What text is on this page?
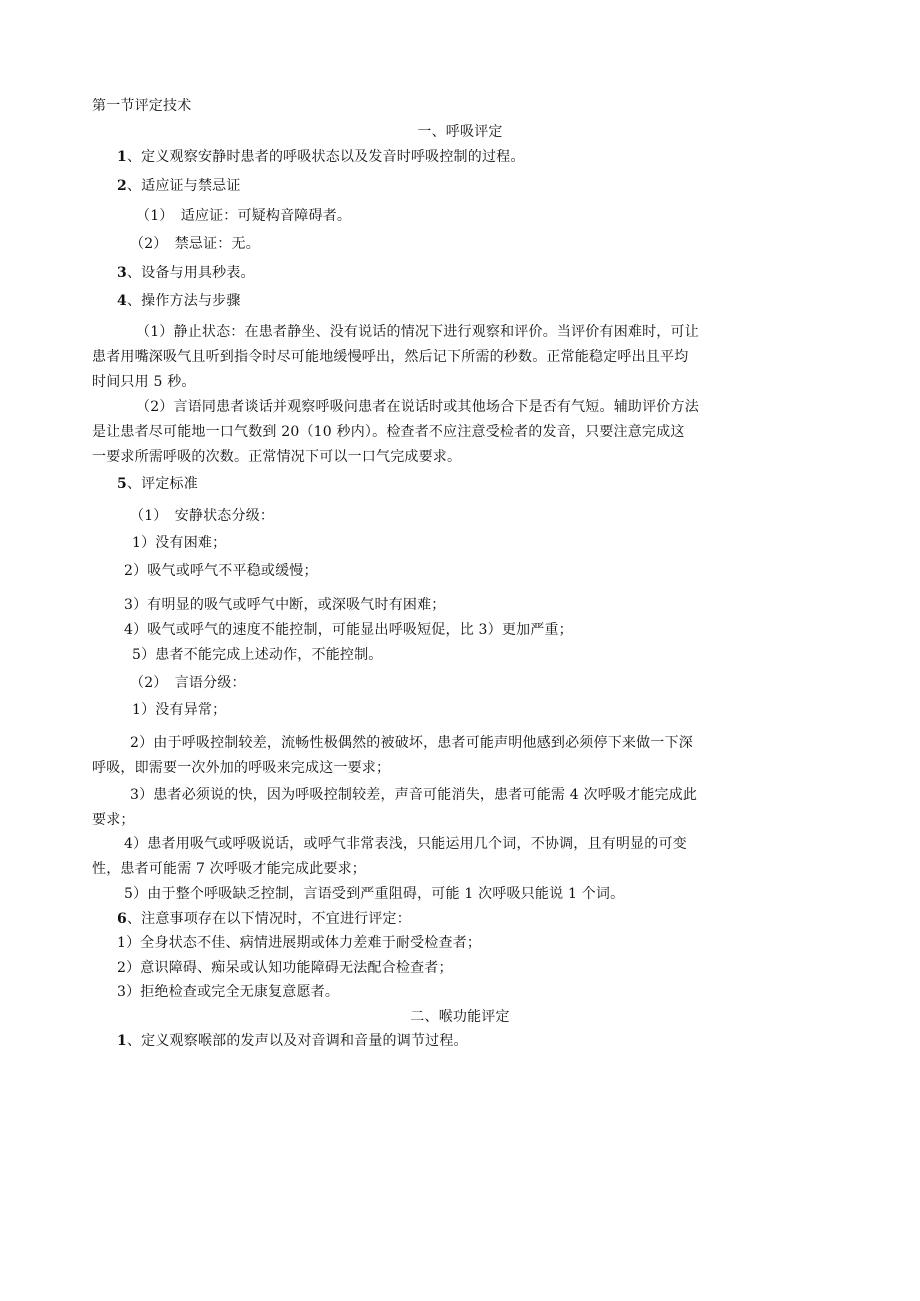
第一节评定技术
一、呼吸评定
1、定义观察安静时患者的呼吸状态以及发音时呼吸控制的过程。
2、适应证与禁忌证
（1）　适应证：可疑构音障碍者。
（2）　禁忌证：无。
3、设备与用具秒表。
4、操作方法与步骤
（1）静止状态：在患者静坐、没有说话的情况下进行观察和评价。当评价有困难时，可让
患者用嘴深吸气且听到指令时尽可能地缓慢呼出，然后记下所需的秒数。正常能稳定呼出且平均
时间只用 5 秒。
（2）言语同患者谈话并观察呼吸问患者在说话时或其他场合下是否有气短。辅助评价方法
是让患者尽可能地一口气数到 20（10 秒内）。检查者不应注意受检者的发音，只要注意完成这
一要求所需呼吸的次数。正常情况下可以一口气完成要求。
5、评定标准
（1）　安静状态分级：
1）没有困难；
2）吸气或呼气不平稳或缓慢；
3）有明显的吸气或呼气中断，或深吸气时有困难；
4）吸气或呼气的速度不能控制，可能显出呼吸短促，比 3）更加严重；
5）患者不能完成上述动作，不能控制。
（2）　言语分级：
1）没有异常；
2）由于呼吸控制较差，流畅性极偶然的被破坏，患者可能声明他感到必须停下来做一下深
呼吸，即需要一次外加的呼吸来完成这一要求；
3）患者必须说的快，因为呼吸控制较差，声音可能消失，患者可能需 4 次呼吸才能完成此
要求；
4）患者用吸气或呼吸说话，或呼气非常表浅，只能运用几个词，不协调，且有明显的可变
性，患者可能需 7 次呼吸才能完成此要求；
5）由于整个呼吸缺乏控制，言语受到严重阻碍，可能 1 次呼吸只能说 1 个词。
6、注意事项存在以下情况时，不宜进行评定：
1）全身状态不佳、病情进展期或体力差难于耐受检查者；
2）意识障碍、痴呆或认知功能障碍无法配合检查者；
3）拒绝检查或完全无康复意愿者。
二、喉功能评定
1、定义观察喉部的发声以及对音调和音量的调节过程。
